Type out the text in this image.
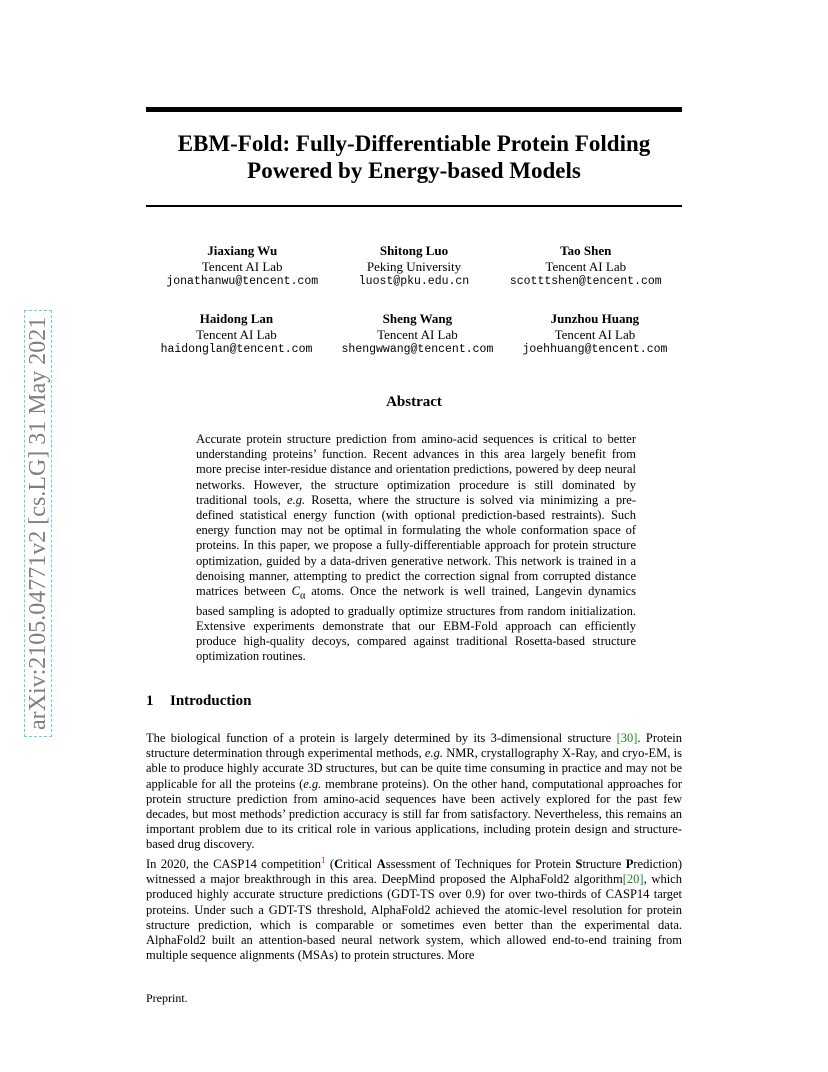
arXiv:2105.04771v2 [cs.LG] 31 May 2021
EBM-Fold: Fully-Differentiable Protein Folding
Powered by Energy-based Models
Jiaxiang Wu
Tencent AI Lab
jonathanwu@tencent.com
Shitong Luo
Peking University
luost@pku.edu.cn
Tao Shen
Tencent AI Lab
scotttshen@tencent.com
Haidong Lan
Tencent AI Lab
haidonglan@tencent.com
Sheng Wang
Tencent AI Lab
shengwwang@tencent.com
Junzhou Huang
Tencent AI Lab
joehhuang@tencent.com
Abstract

Accurate protein structure prediction from amino-acid sequences is critical to better understanding proteins’ function. Recent advances in this area largely benefit from more precise inter-residue distance and orientation predictions, powered by deep neural networks. However, the structure optimization procedure is still dominated by traditional tools, e.g. Rosetta, where the structure is solved via minimizing a pre-defined statistical energy function (with optional prediction-based restraints). Such energy function may not be optimal in formulating the whole conformation space of proteins. In this paper, we propose a fully-differentiable approach for protein structure optimization, guided by a data-driven generative network. This network is trained in a denoising manner, attempting to predict the correction signal from corrupted distance matrices between $C_\alpha$ atoms. Once the network is well trained, Langevin dynamics based sampling is adopted to gradually optimize structures from random initialization. Extensive experiments demonstrate that our EBM-Fold approach can efficiently produce high-quality decoys, compared against traditional Rosetta-based structure optimization routines.

1 Introduction

The biological function of a protein is largely determined by its 3-dimensional structure [30]. Protein structure determination through experimental methods, e.g. NMR, crystallography X-Ray, and cryo-EM, is able to produce highly accurate 3D structures, but can be quite time consuming in practice and may not be applicable for all the proteins (e.g. membrane proteins). On the other hand, computational approaches for protein structure prediction from amino-acid sequences have been actively explored for the past few decades, but most methods’ prediction accuracy is still far from satisfactory. Nevertheless, this remains an important problem due to its critical role in various applications, including protein design and structure-based drug discovery.

In 2020, the CASP14 competition$^1$ (Critical Assessment of Techniques for Protein Structure Prediction) witnessed a major breakthrough in this area. DeepMind proposed the AlphaFold2 algorithm[20], which produced highly accurate structure predictions (GDT-TS over 0.9) for over two-thirds of CASP14 target proteins. Under such a GDT-TS threshold, AlphaFold2 achieved the atomic-level resolution for protein structure prediction, which is comparable or sometimes even better than the experimental data. AlphaFold2 built an attention-based neural network system, which allowed end-to-end training from multiple sequence alignments (MSAs) to protein structures. More

Preprint.
